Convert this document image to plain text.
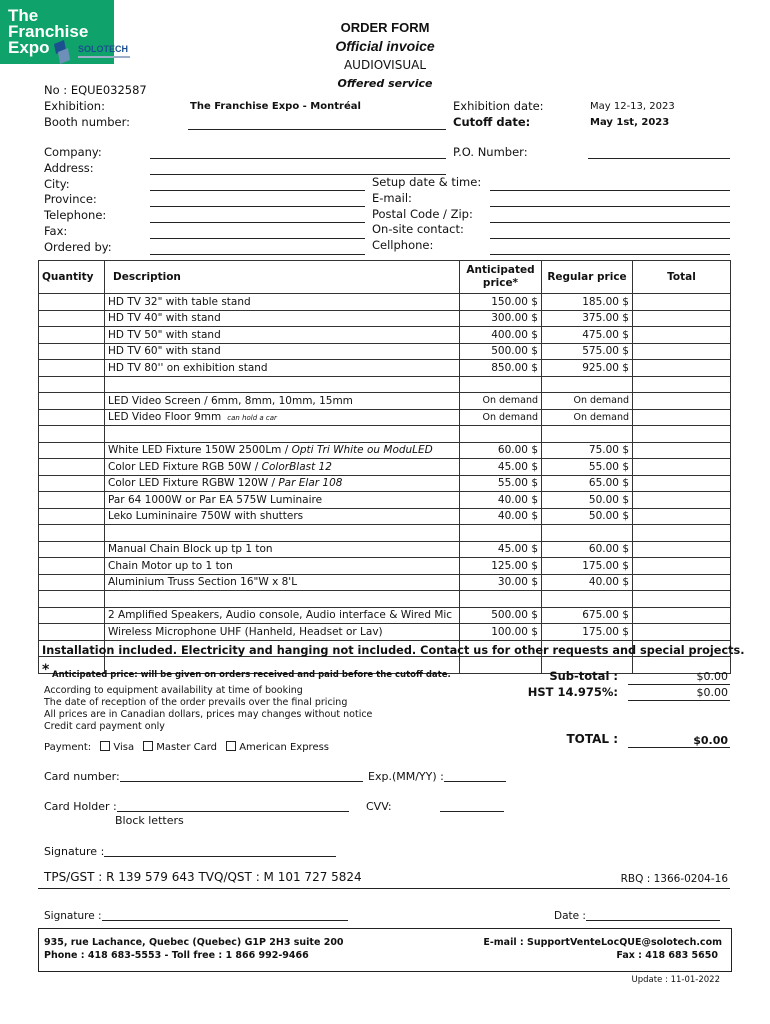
SOLOTECH
ORDER FORM
Official invoice
AUDIOVISUAL
Offered service
The
Franchise
Expo
No : EQUE032587
Exhibition:	The Franchise Expo - Montréal
Booth number:
Exhibition date:	May 12-13, 2023
Cutoff date:	May 1st, 2023
Company:
Address:
City:
Province:
Telephone:
Fax:
Ordered by:
P.O. Number:
Setup date & time:
E-mail:
Postal Code / Zip:
On-site contact:
Cellphone:
Quantity	Description	Anticipated price*	Regular price	Total
	HD TV 32" with table stand	150.00 $	185.00 $	
	HD TV 40" with stand	300.00 $	375.00 $	
	HD TV 50" with stand	400.00 $	475.00 $	
	HD TV 60" with stand	500.00 $	575.00 $	
	HD TV 80'' on exhibition stand	850.00 $	925.00 $	

	LED Video Screen / 6mm, 8mm, 10mm, 15mm	On demand	On demand	
	LED Video Floor 9mm can hold a car	On demand	On demand	

	White LED Fixture 150W 2500Lm / Opti Tri White ou ModuLED	60.00 $	75.00 $	
	Color LED Fixture RGB 50W / ColorBlast 12	45.00 $	55.00 $	
	Color LED Fixture RGBW 120W / Par Elar 108	55.00 $	65.00 $	
	Par 64 1000W or Par EA 575W Luminaire	40.00 $	50.00 $	
	Leko Lumininaire 750W with shutters	40.00 $	50.00 $	

	Manual Chain Block up tp 1 ton	45.00 $	60.00 $	
	Chain Motor up to 1 ton	125.00 $	175.00 $	
	Aluminium Truss Section 16"W x 8'L	30.00 $	40.00 $	

	2 Amplified Speakers, Audio console, Audio interface & Wired Mic	500.00 $	675.00 $	
	Wireless Microphone UHF (Hanheld, Headset or Lav)	100.00 $	175.00 $	

Installation included. Electricity and hanging not included. Contact us for other requests and special projects.
* Anticipated price: will be given on orders received and paid before the cutoff date.
According to equipment availability at time of booking
The date of reception of the order prevails over the final pricing
All prices are in Canadian dollars, prices may changes without notice
Credit card payment only
Sub-total :	$0.00
HST 14.975%:	$0.00
TOTAL :	$0.00
Payment: Visa Master Card American Express
Card number:	Exp.(MM/YY) :
Card Holder :	CVV:
Block letters
Signature :
TPS/GST : R 139 579 643 TVQ/QST : M 101 727 5824	RBQ : 1366-0204-16
Signature :	Date :
935, rue Lachance, Quebec (Quebec) G1P 2H3 suite 200
Phone : 418 683-5553 - Toll free : 1 866 992-9466
E-mail : SupportVenteLocQUE@solotech.com
Fax : 418 683 5650
Update : 11-01-2022
